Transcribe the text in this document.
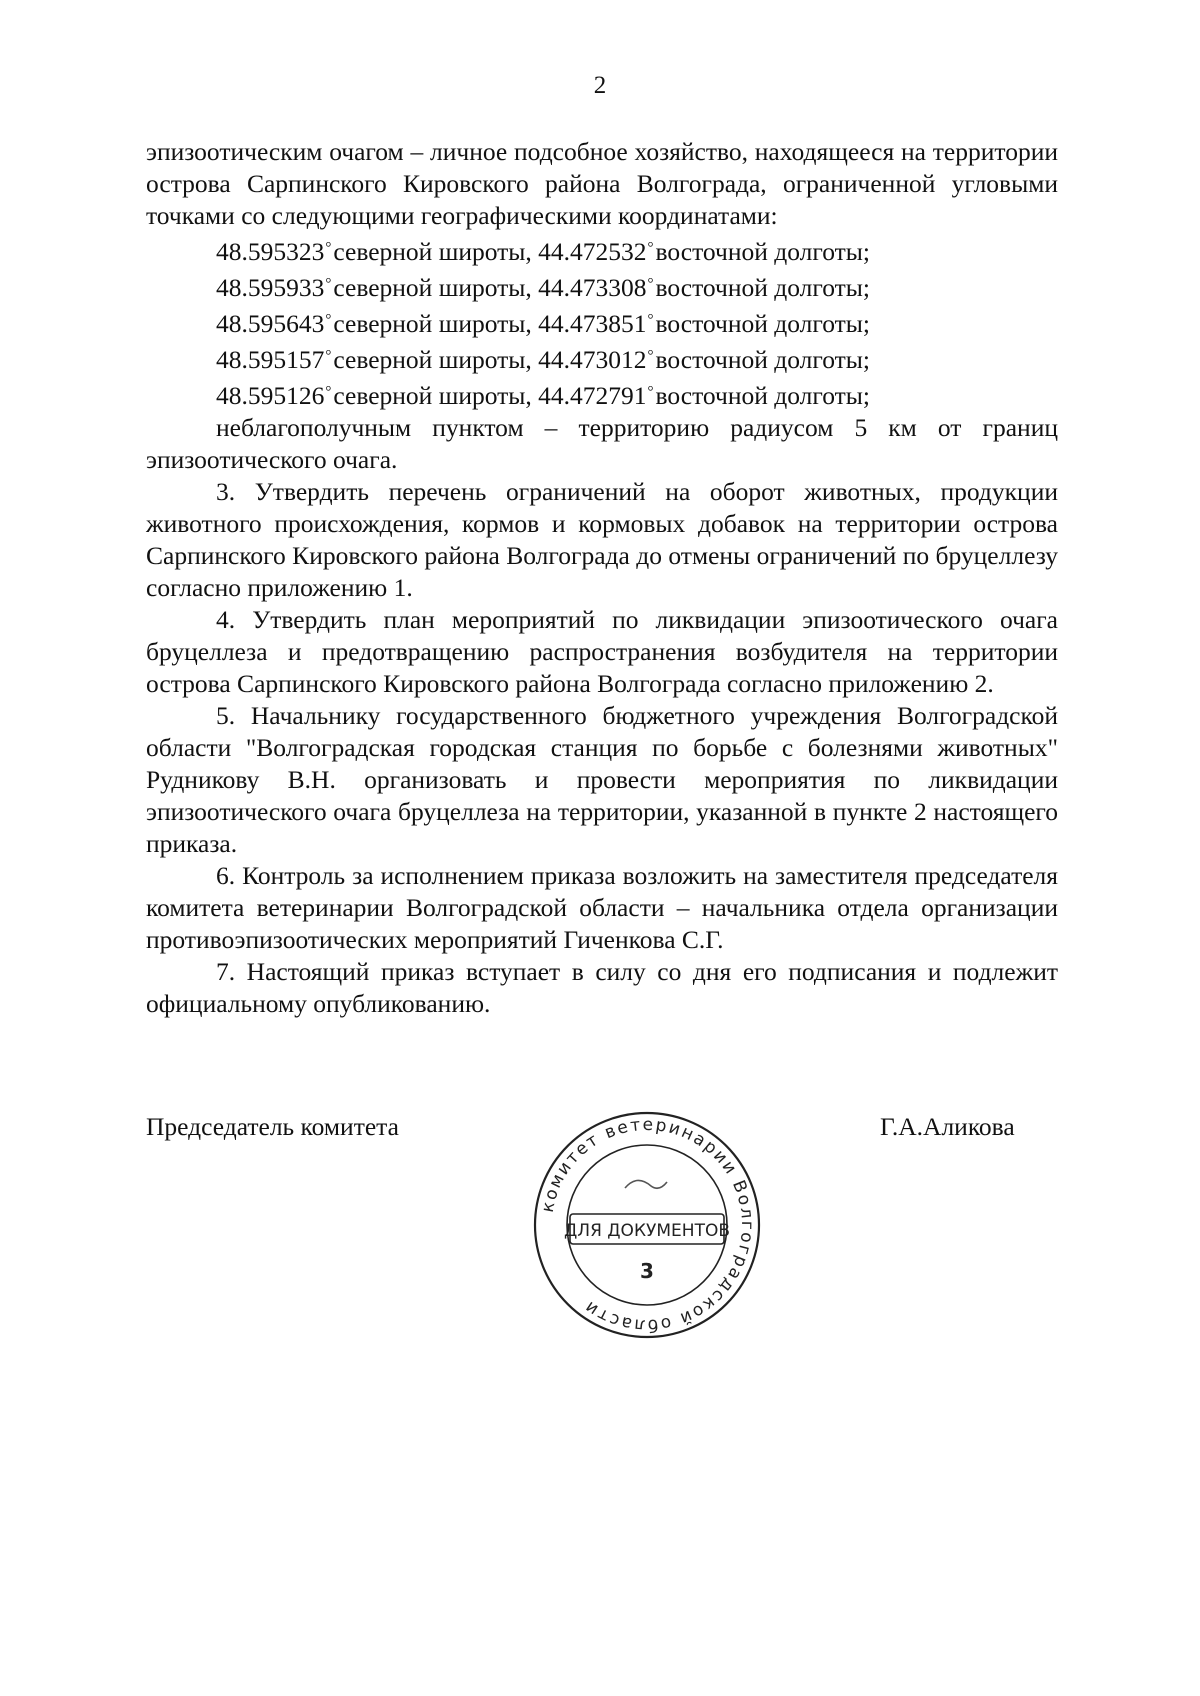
2

эпизоотическим очагом – личное подсобное хозяйство, находящееся на территории острова Сарпинского Кировского района Волгограда, ограниченной угловыми точками со следующими географическими координатами:

48.595323°северной широты, 44.472532°восточной долготы;

48.595933°северной широты, 44.473308°восточной долготы;

48.595643°северной широты, 44.473851°восточной долготы;

48.595157°северной широты, 44.473012°восточной долготы;

48.595126°северной широты, 44.472791°восточной долготы;

неблагополучным пунктом – территорию радиусом 5 км от границ эпизоотического очага.

3. Утвердить перечень ограничений на оборот животных, продукции животного происхождения, кормов и кормовых добавок на территории острова Сарпинского Кировского района Волгограда до отмены ограничений по бруцеллезу согласно приложению 1.

4. Утвердить план мероприятий по ликвидации эпизоотического очага бруцеллеза и предотвращению распространения возбудителя на территории острова Сарпинского Кировского района Волгограда согласно приложению 2.

5. Начальнику государственного бюджетного учреждения Волгоградской области "Волгоградская городская станция по борьбе с болезнями животных" Рудникову В.Н. организовать и провести мероприятия по ликвидации эпизоотического очага бруцеллеза на территории, указанной в пункте 2 настоящего приказа.

6. Контроль за исполнением приказа возложить на заместителя председателя комитета ветеринарии Волгоградской области – начальника отдела организации противоэпизоотических мероприятий Гиченкова С.Г.

7. Настоящий приказ вступает в силу со дня его подписания и подлежит официальному опубликованию.

Председатель комитета	Г.А.Аликова
комитет ветеринарии Волгоградской области
ДЛЯ ДОКУМЕНТОВ
3
